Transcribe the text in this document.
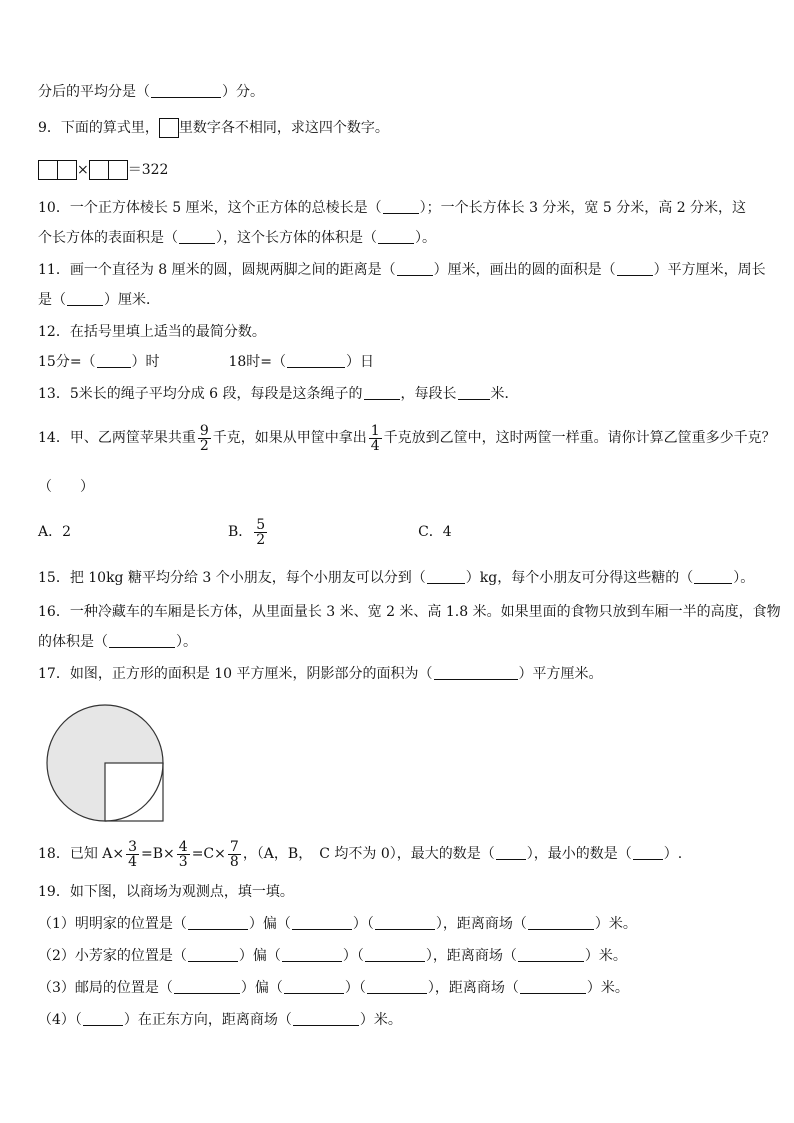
分后的平均分是（	）分。
9．下面的算式里， 里数字各不相同，求这四个数字。
×	＝322
10．一个正方体棱长 5 厘米，这个正方体的总棱长是（	）；一个长方体长 3 分米，宽 5 分米，高 2 分米，这
个长方体的表面积是（	），这个长方体的体积是（	）。
11．画一个直径为 8 厘米的圆，圆规两脚之间的距离是（	）厘米，画出的圆的面积是（	）平方厘米，周长
是（	）厘米．
12．在括号里填上适当的最简分数。
15分=（	）时	18时=（	）日
13．5米长的绳子平均分成 6 段，每段是这条绳子的	，每段长 米．
14．甲、乙两筐苹果共重 $\frac{9}{2}$ 千克，如果从甲筐中拿出 $\frac{1}{4}$ 千克放到乙筐中，这时两筐一样重。请你计算乙筐重多少千克？
（　　）
A．2	B． $\frac{5}{2}$	C．4
15．把 10kg 糖平均分给 3 个小朋友，每个小朋友可以分到（	）kg，每个小朋友可分得这些糖的（	）。
16．一种冷藏车的车厢是长方体，从里面量长 3 米、宽 2 米、高 1.8 米。如果里面的食物只放到车厢一半的高度，食物
的体积是（	）。
17．如图，正方形的面积是 10 平方厘米，阴影部分的面积为（	）平方厘米。
18．已知 $A\times \frac{3}{4} =B\times \frac{4}{3} =C\times \frac{7}{8}$ ，（A，B，　C 均不为 0），最大的数是（ ），最小的数是（ ）.
19．如下图，以商场为观测点，填一填。
（1）明明家的位置是（	）偏（	）（	），距离商场（	）米。
（2）小芳家的位置是（	）偏（	）（	），距离商场（	）米。
（3）邮局的位置是（	）偏（	）（	），距离商场（	）米。
（4）（	）在正东方向，距离商场（	）米。
